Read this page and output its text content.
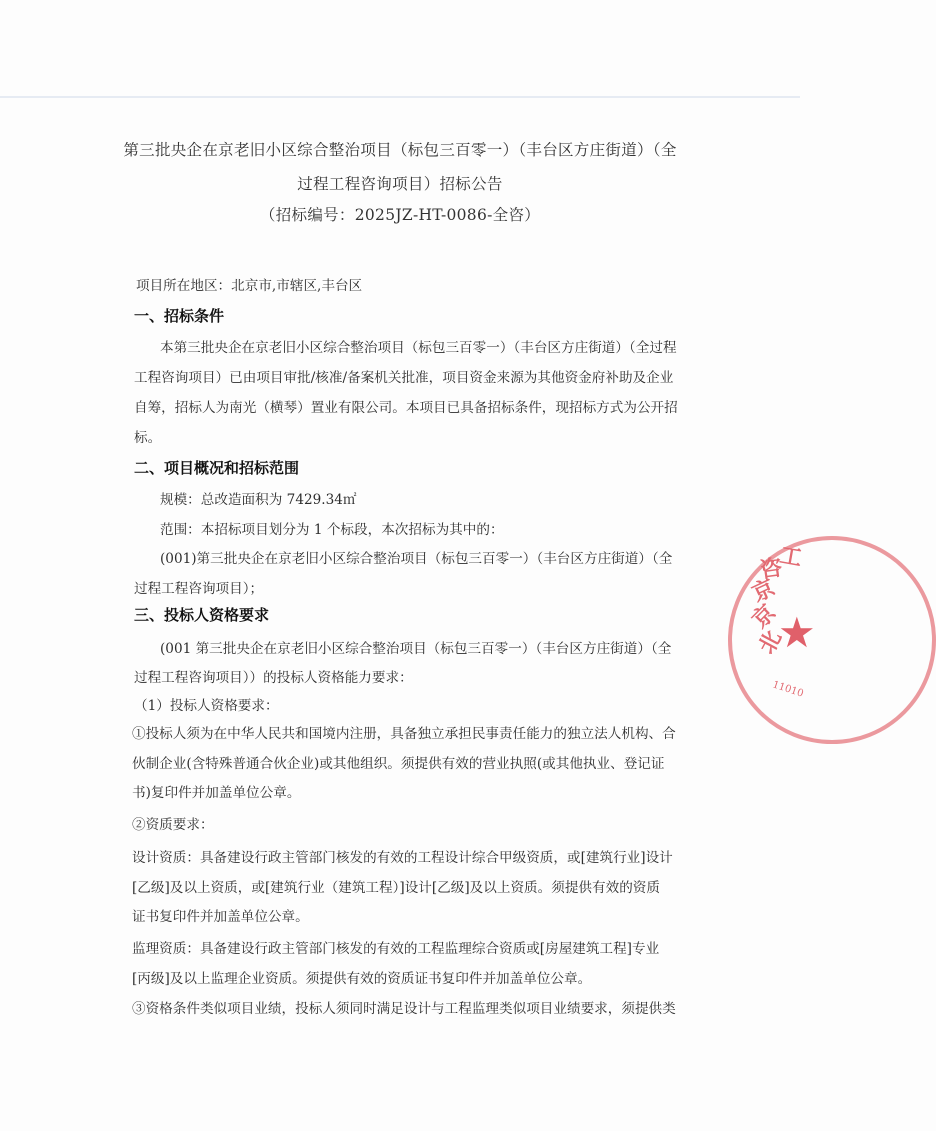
第三批央企在京老旧小区综合整治项目（标包三百零一）（丰台区方庄街道）（全
过程工程咨询项目）招标公告
（招标编号：2025JZ-HT-0086-全咨）
项目所在地区：北京市,市辖区,丰台区
一、招标条件
本第三批央企在京老旧小区综合整治项目（标包三百零一）（丰台区方庄街道）（全过程
工程咨询项目）已由项目审批/核准/备案机关批准，项目资金来源为其他资金府补助及企业
自筹，招标人为南光（横琴）置业有限公司。本项目已具备招标条件，现招标方式为公开招
标。
二、项目概况和招标范围
规模：总改造面积为 7429.34㎡
范围：本招标项目划分为 1 个标段，本次招标为其中的：
(001)第三批央企在京老旧小区综合整治项目（标包三百零一）（丰台区方庄街道）（全
过程工程咨询项目）；
三、投标人资格要求
(001 第三批央企在京老旧小区综合整治项目（标包三百零一）（丰台区方庄街道）（全
过程工程咨询项目））的投标人资格能力要求：
（1）投标人资格要求：
①投标人须为在中华人民共和国境内注册，具备独立承担民事责任能力的独立法人机构、合
伙制企业(含特殊普通合伙企业)或其他组织。须提供有效的营业执照(或其他执业、登记证
书)复印件并加盖单位公章。
②资质要求：
设计资质：具备建设行政主管部门核发的有效的工程设计综合甲级资质，或[建筑行业]设计
[乙级]及以上资质，或[建筑行业（建筑工程）]设计[乙级]及以上资质。须提供有效的资质
证书复印件并加盖单位公章。
监理资质：具备建设行政主管部门核发的有效的工程监理综合资质或[房屋建筑工程]专业
[丙级]及以上监理企业资质。须提供有效的资质证书复印件并加盖单位公章。
③资格条件类似项目业绩，投标人须同时满足设计与工程监理类似项目业绩要求，须提供类
北
京
京
咨
工
★
11010
